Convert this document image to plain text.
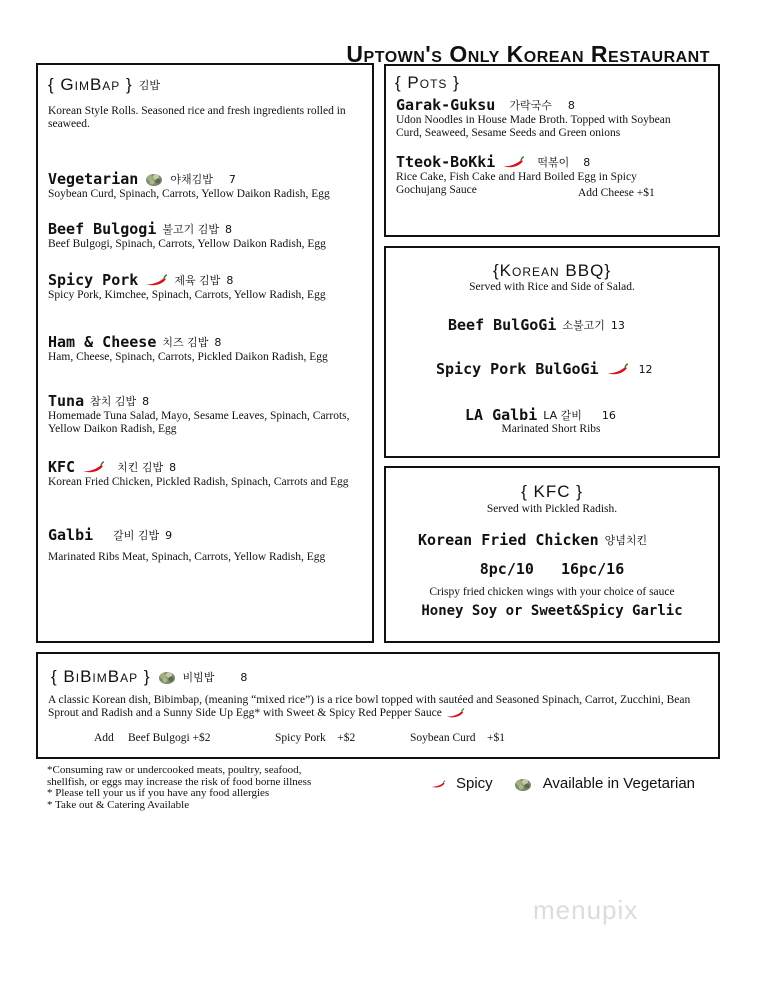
Uptown's Only Korean Restaurant
{ GimBap } 김밥
Korean Style Rolls. Seasoned rice and fresh ingredients rolled in seaweed.
Vegetarian	야채김밥 7
Soybean Curd, Spinach, Carrots, Yellow Daikon Radish, Egg
Beef Bulgogi 불고기 김밥 8
Beef Bulgogi, Spinach, Carrots, Yellow Daikon Radish, Egg
Spicy Pork	제육 김밥 8
Spicy Pork, Kimchee, Spinach, Carrots, Yellow Radish, Egg
Ham & Cheese 치즈 김밥 8
Ham, Cheese, Spinach, Carrots, Pickled Daikon Radish, Egg
Tuna 참치 김밥 8
Homemade Tuna Salad, Mayo, Sesame Leaves, Spinach, Carrots, Yellow Daikon Radish, Egg
KFC	치킨 김밥 8
Korean Fried Chicken, Pickled Radish, Spinach, Carrots and Egg
Galbi 갈비 김밥 9
Marinated Ribs Meat, Spinach, Carrots, Yellow Radish, Egg
{ Pots }
Garak-Guksu 가락국수 8
Udon Noodles in House Made Broth. Topped with Soybean Curd, Seaweed, Sesame Seeds and Green onions
Tteok-BoKki	떡볶이 8
Rice Cake, Fish Cake and Hard Boiled Egg in Spicy Gochujang Sauce	Add Cheese +$1
{Korean BBQ}
Served with Rice and Side of Salad.
Beef BulGoGi 소불고기 13
Spicy Pork BulGoGi	12
LA Galbi LA 갈비 16
Marinated Short Ribs
{ KFC }
Served with Pickled Radish.
Korean Fried Chicken 양념치킨
8pc/10   16pc/16
Crispy fried chicken wings with your choice of sauce
Honey Soy or Sweet&Spicy Garlic
{ BiBimBap }	비빔밥 8
A classic Korean dish, Bibimbap, (meaning “mixed rice”) is a rice bowl topped with sautéed and Seasoned Spinach, Carrot, Zucchini, Bean Sprout and Radish and a Sunny Side Up Egg* with Sweet & Spicy Red Pepper Sauce
Add Beef Bulgogi +$2	Spicy Pork    +$2	Soybean Curd    +$1
*Consuming raw or undercooked meats, poultry, seafood,
shellfish, or eggs may increase the risk of food borne illness
* Please tell your us if you have any food allergies
* Take out & Catering Available
Spicy	Available in Vegetarian
menupix
